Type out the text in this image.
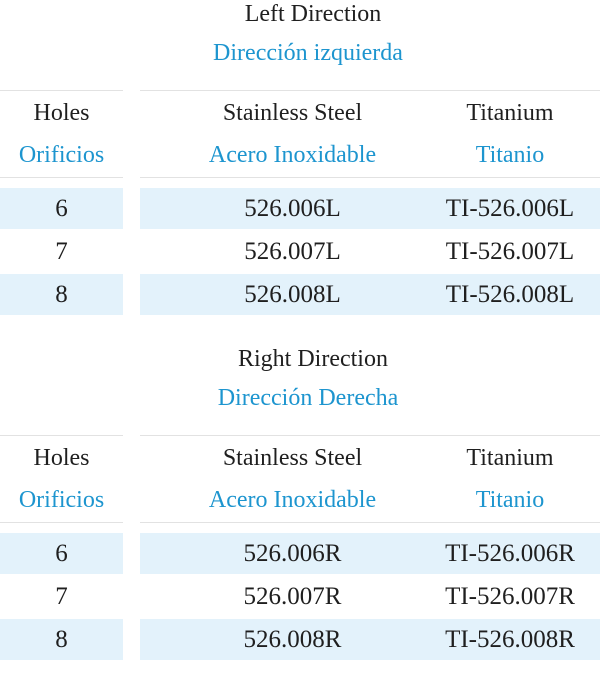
Left Direction
Dirección izquierda
Holes	Stainless Steel	Titanium
Orificios	Acero Inoxidable	Titanio
6	526.006L	TI-526.006L
7	526.007L	TI-526.007L
8	526.008L	TI-526.008L
Right Direction
Dirección Derecha
Holes	Stainless Steel	Titanium
Orificios	Acero Inoxidable	Titanio
6	526.006R	TI-526.006R
7	526.007R	TI-526.007R
8	526.008R	TI-526.008R
